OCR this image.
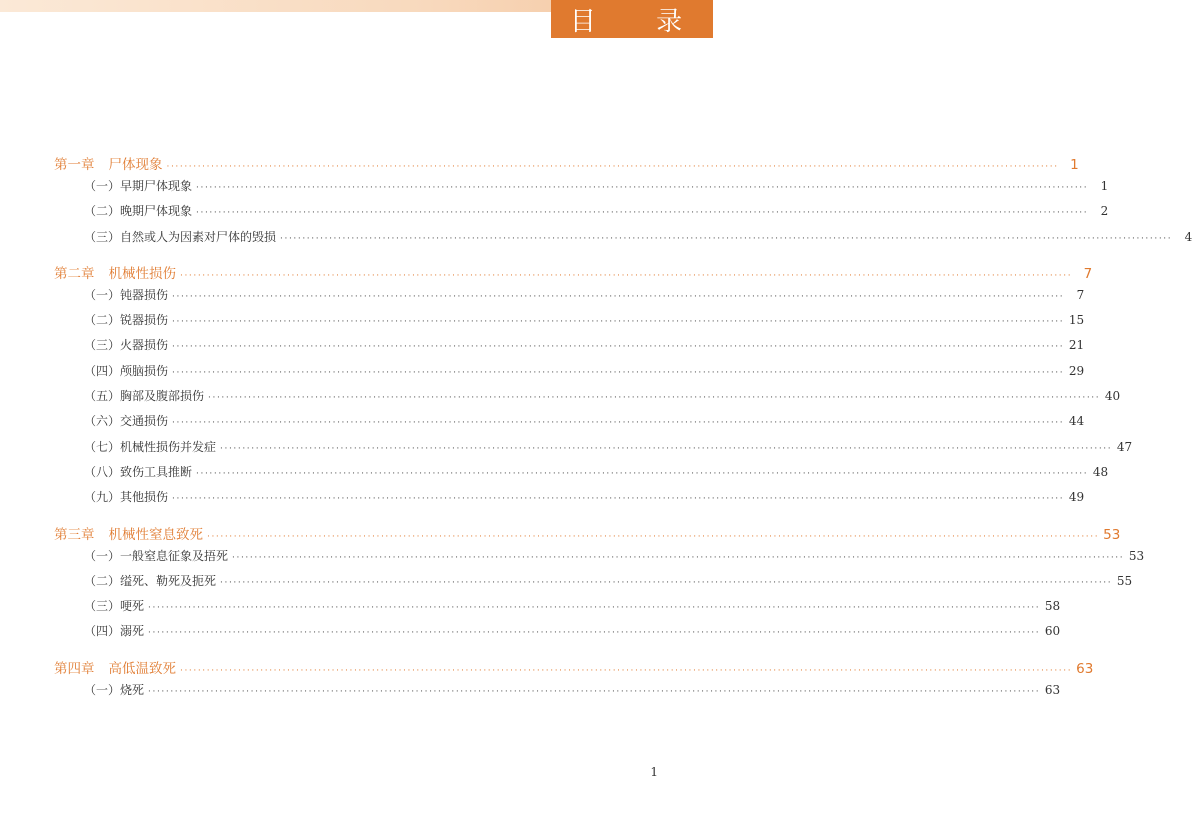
目 录
第一章 尸体现象 ········································································································································································································ 1
（一）早期尸体现象 ········································································································································································································	1
（二）晚期尸体现象 ········································································································································································································	2
（三）自然或人为因素对尸体的毁损 ········································································································································································································	4
第二章 机械性损伤 ········································································································································································································ 7
（一）钝器损伤 ········································································································································································································	7
（二）锐器损伤 ········································································································································································································ 15
（三）火器损伤 ········································································································································································································ 21
（四）颅脑损伤 ········································································································································································································ 29
（五）胸部及腹部损伤 ········································································································································································································ 40
（六）交通损伤 ········································································································································································································ 44
（七）机械性损伤并发症 ········································································································································································································ 47
（八）致伤工具推断 ········································································································································································································ 48
（九）其他损伤 ········································································································································································································ 49
第三章 机械性窒息致死 ········································································································································································································ 53
（一）一般窒息征象及捂死 ········································································································································································································ 53
（二）缢死、勒死及扼死 ········································································································································································································ 55
（三）哽死 ········································································································································································································ 58
（四）溺死 ········································································································································································································ 60
第四章 高低温致死 ········································································································································································································ 63
（一）烧死 ········································································································································································································ 63
1
